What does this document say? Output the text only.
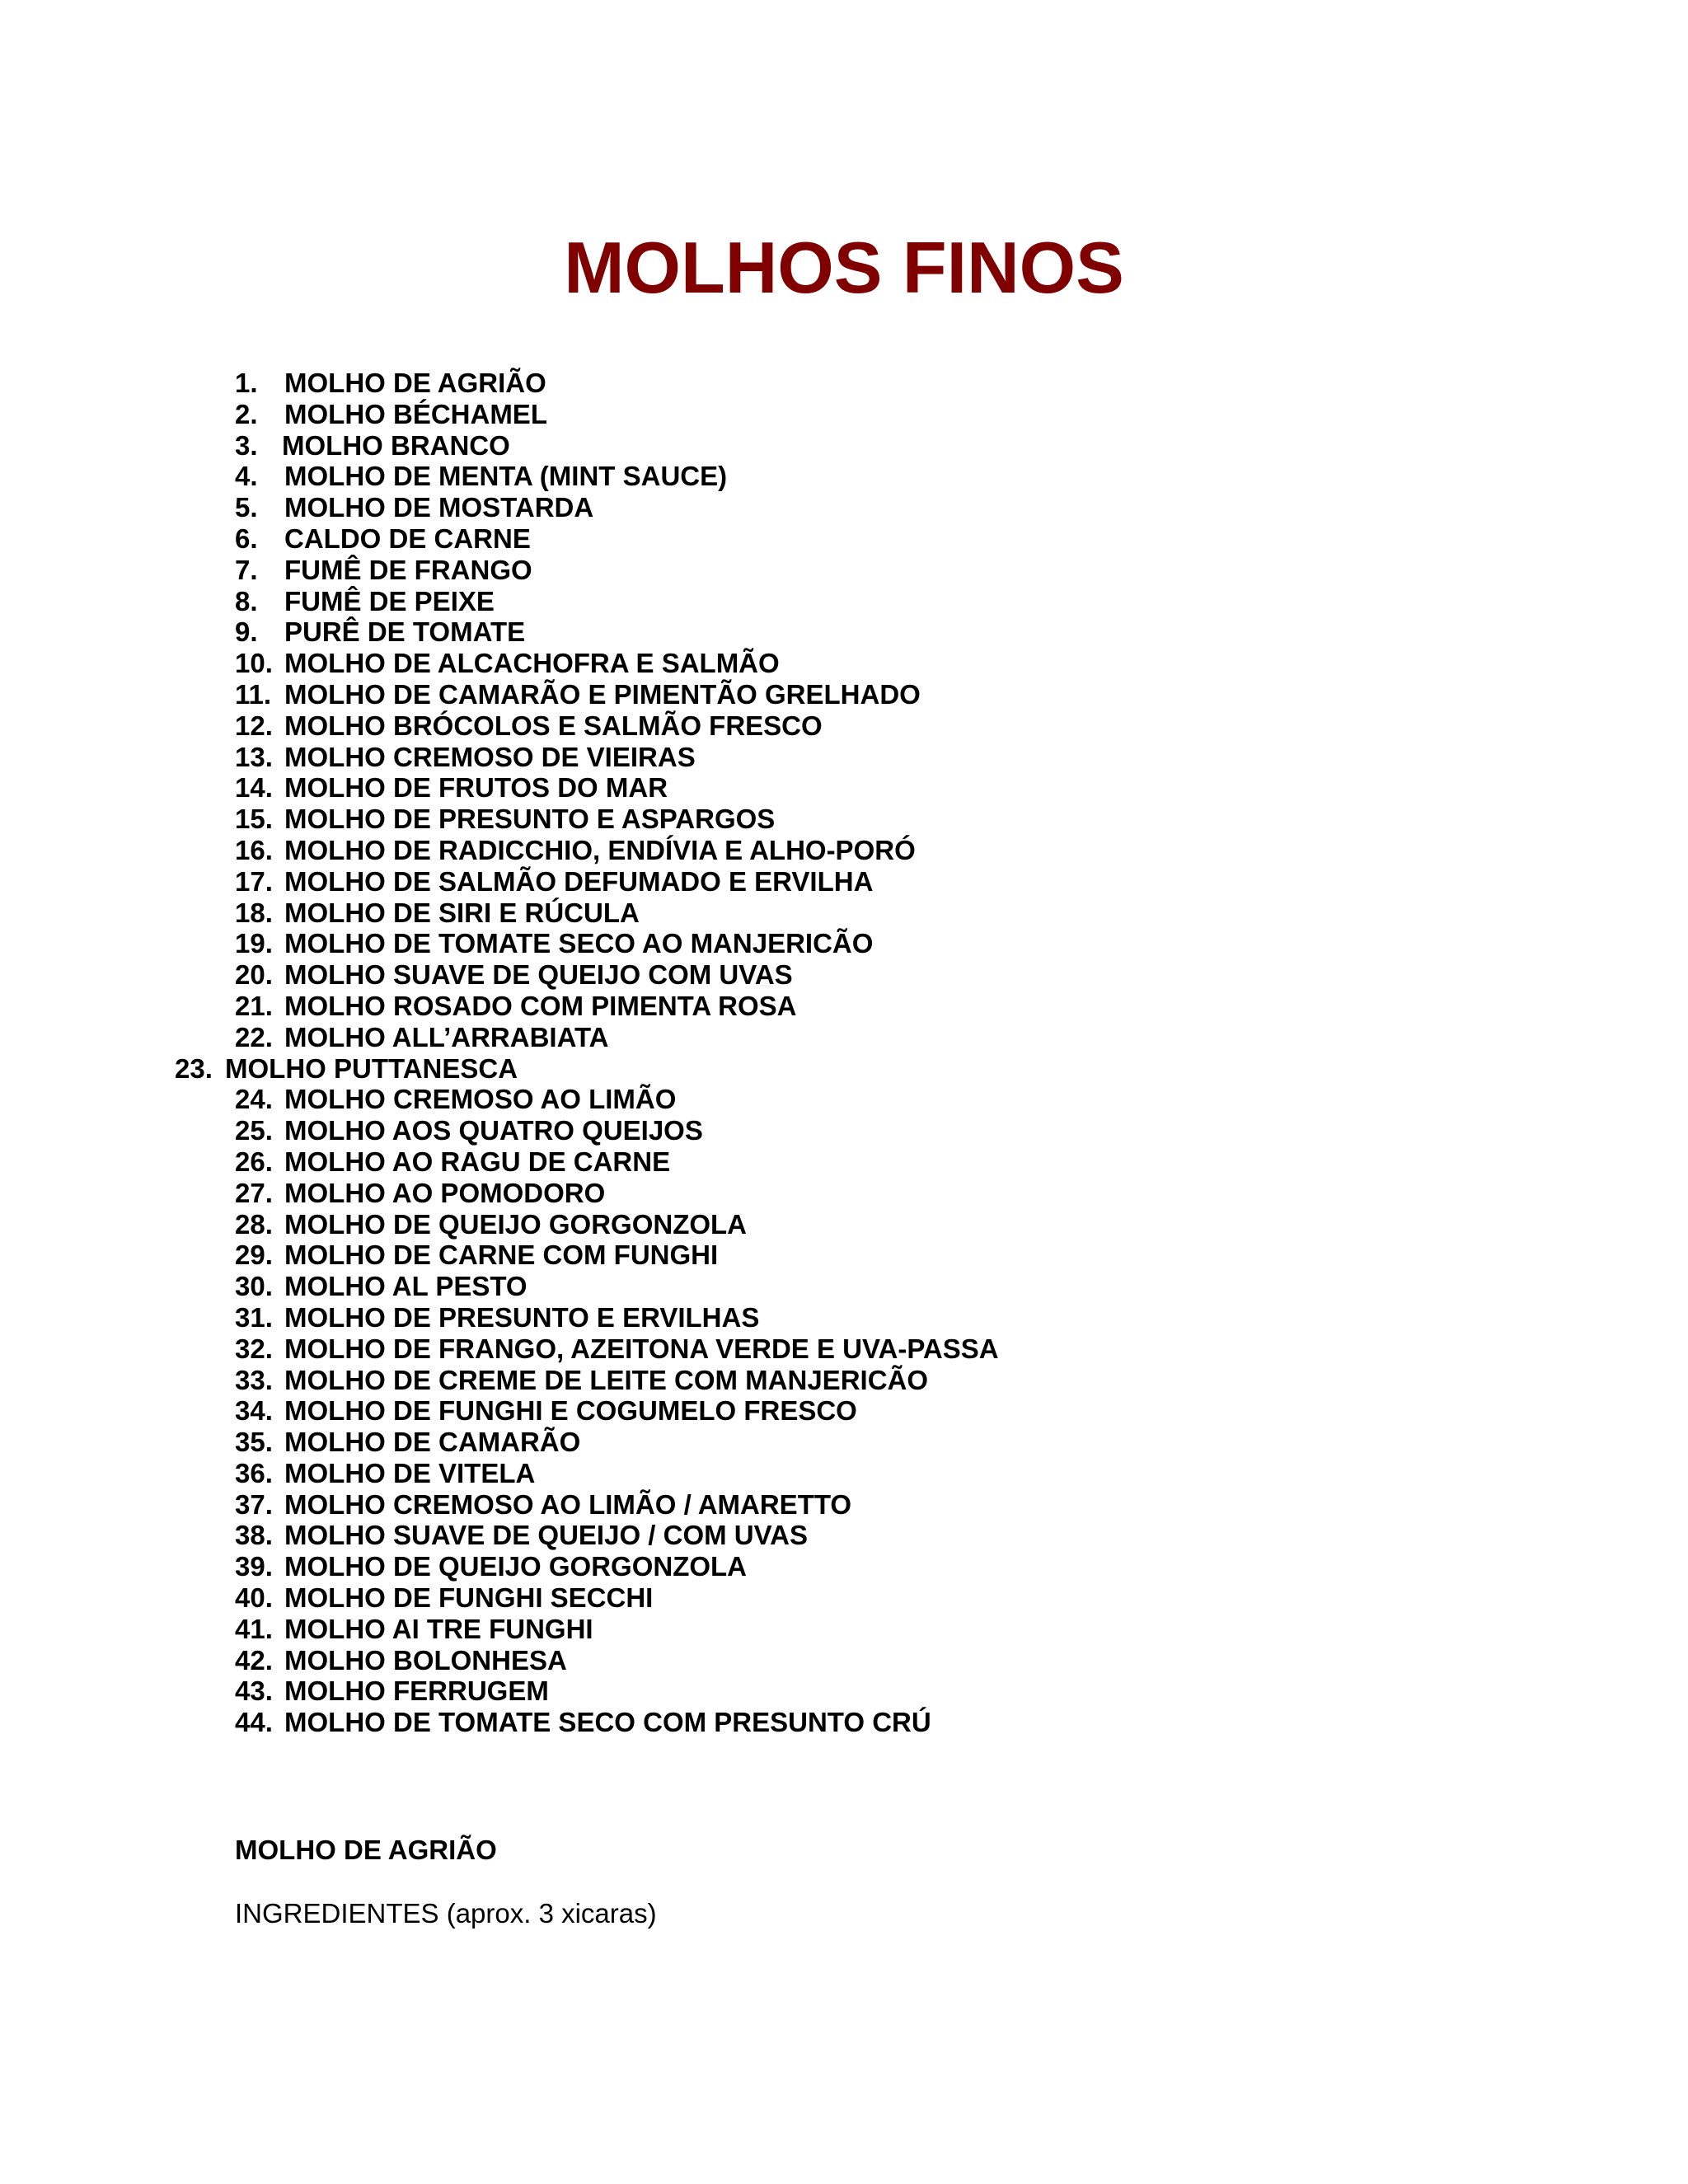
MOLHOS FINOS
1. MOLHO DE AGRIÃO
2. MOLHO BÉCHAMEL
3. MOLHO BRANCO
4. MOLHO DE MENTA (MINT SAUCE)
5. MOLHO DE MOSTARDA
6. CALDO DE CARNE
7. FUMÊ DE FRANGO
8. FUMÊ DE PEIXE
9. PURÊ DE TOMATE
10. MOLHO DE ALCACHOFRA E SALMÃO
11. MOLHO DE CAMARÃO E PIMENTÃO GRELHADO
12. MOLHO BRÓCOLOS E SALMÃO FRESCO
13. MOLHO CREMOSO DE VIEIRAS
14. MOLHO DE FRUTOS DO MAR
15. MOLHO DE PRESUNTO E ASPARGOS
16. MOLHO DE RADICCHIO, ENDÍVIA E ALHO-PORÓ
17. MOLHO DE SALMÃO DEFUMADO E ERVILHA
18. MOLHO DE SIRI E RÚCULA
19. MOLHO DE TOMATE SECO AO MANJERICÃO
20. MOLHO SUAVE DE QUEIJO COM UVAS
21. MOLHO ROSADO COM PIMENTA ROSA
22. MOLHO ALL’ARRABIATA
23. MOLHO PUTTANESCA
24. MOLHO CREMOSO AO LIMÃO
25. MOLHO AOS QUATRO QUEIJOS
26. MOLHO AO RAGU DE CARNE
27. MOLHO AO POMODORO
28. MOLHO DE QUEIJO GORGONZOLA
29. MOLHO DE CARNE COM FUNGHI
30. MOLHO AL PESTO
31. MOLHO DE PRESUNTO E ERVILHAS
32. MOLHO DE FRANGO, AZEITONA VERDE E UVA-PASSA
33. MOLHO DE CREME DE LEITE COM MANJERICÃO
34. MOLHO DE FUNGHI E COGUMELO FRESCO
35. MOLHO DE CAMARÃO
36. MOLHO DE VITELA
37. MOLHO CREMOSO AO LIMÃO / AMARETTO
38. MOLHO SUAVE DE QUEIJO / COM UVAS
39. MOLHO DE QUEIJO GORGONZOLA
40. MOLHO DE FUNGHI SECCHI
41. MOLHO AI TRE FUNGHI
42. MOLHO BOLONHESA
43. MOLHO FERRUGEM
44. MOLHO DE TOMATE SECO COM PRESUNTO CRÚ
MOLHO DE AGRIÃO

INGREDIENTES (aprox. 3 xicaras)
